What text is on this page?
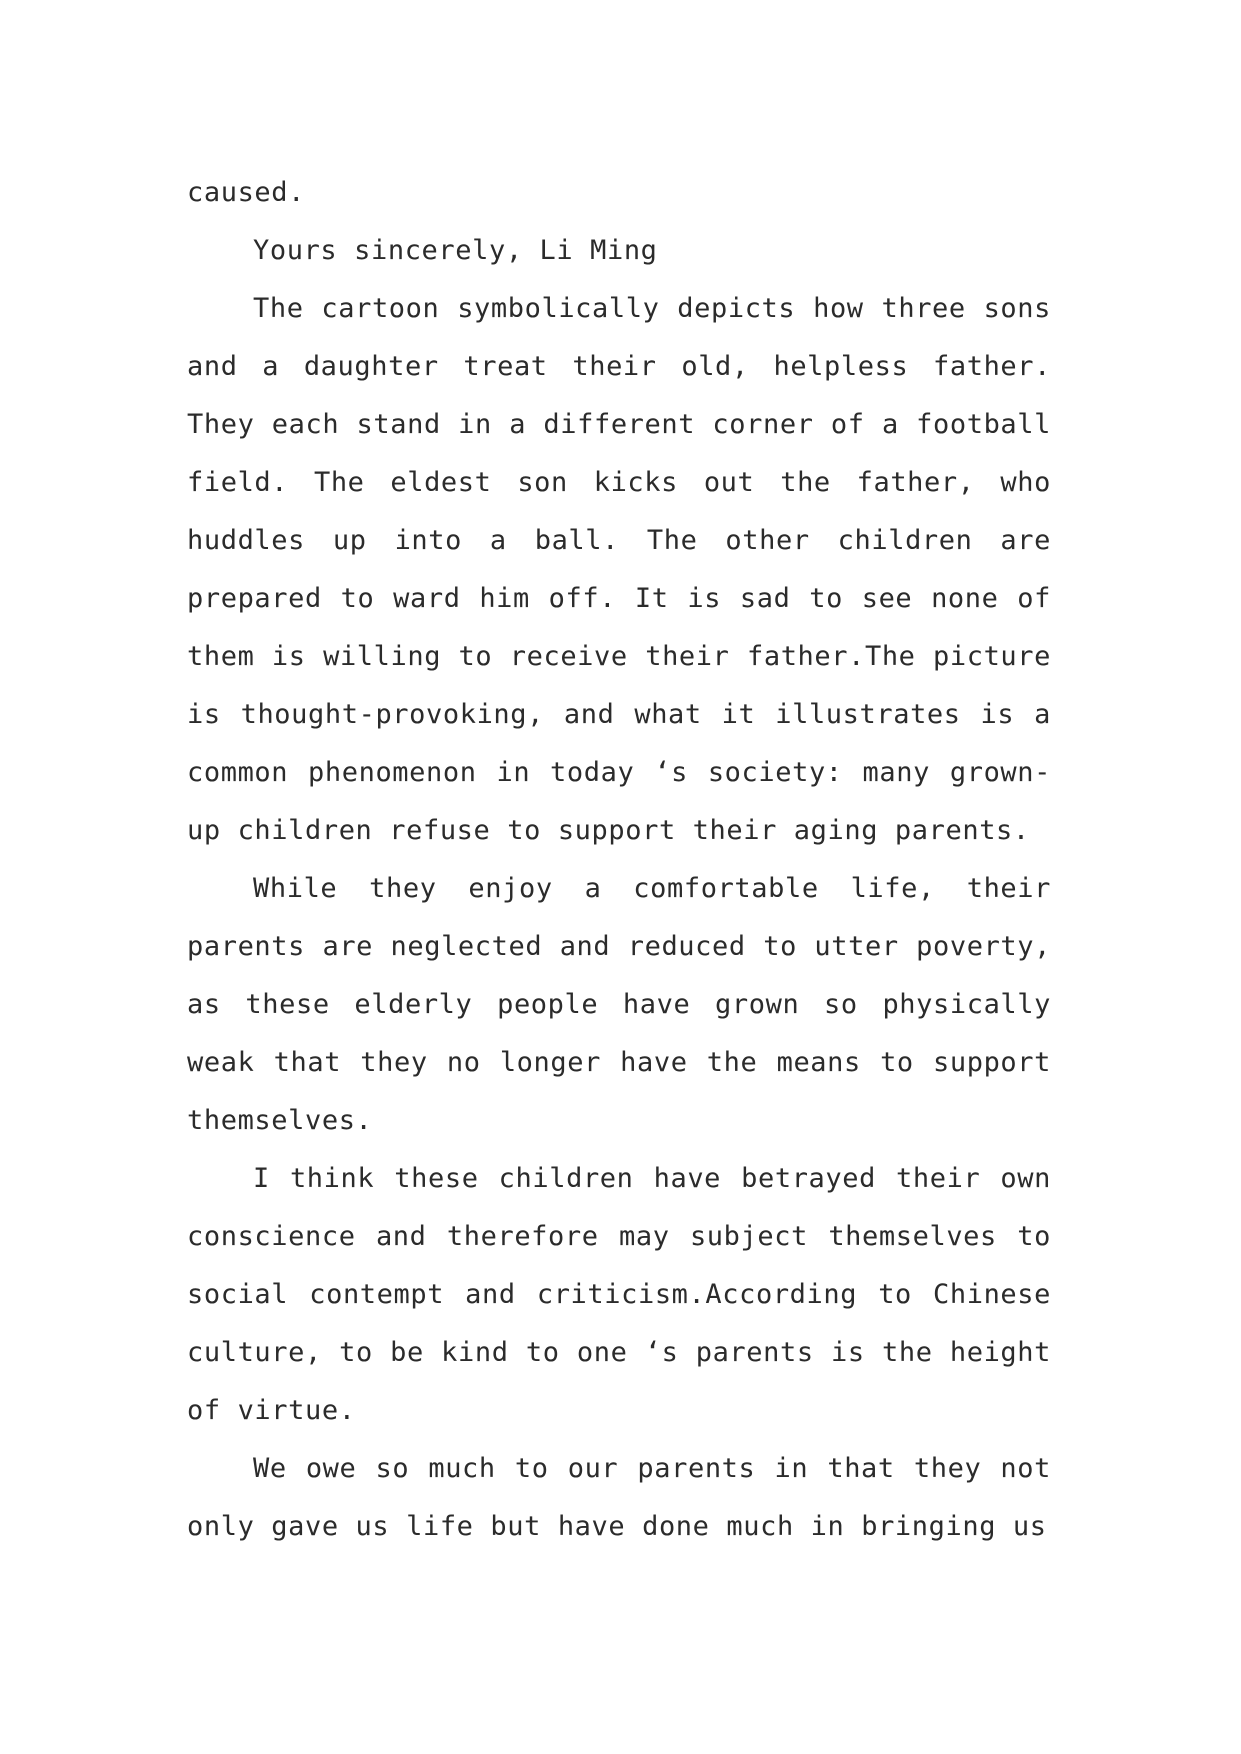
caused.

Yours sincerely, Li Ming

The cartoon symbolically depicts how three sons and a daughter treat their old, helpless father. They each stand in a different corner of a football field. The eldest son kicks out the father, who huddles up into a ball. The other children are prepared to ward him off. It is sad to see none of them is willing to receive their father.The picture is thought-provoking, and what it illustrates is a common phenomenon in today ‘s society: many grown-up children refuse to support their aging parents.

While they enjoy a comfortable life, their parents are neglected and reduced to utter poverty, as these elderly people have grown so physically weak that they no longer have the means to support themselves.

I think these children have betrayed their own conscience and therefore may subject themselves to social contempt and criticism.According to Chinese culture, to be kind to one ‘s parents is the height of virtue.

We owe so much to our parents in that they not only gave us life but have done much in bringing us
